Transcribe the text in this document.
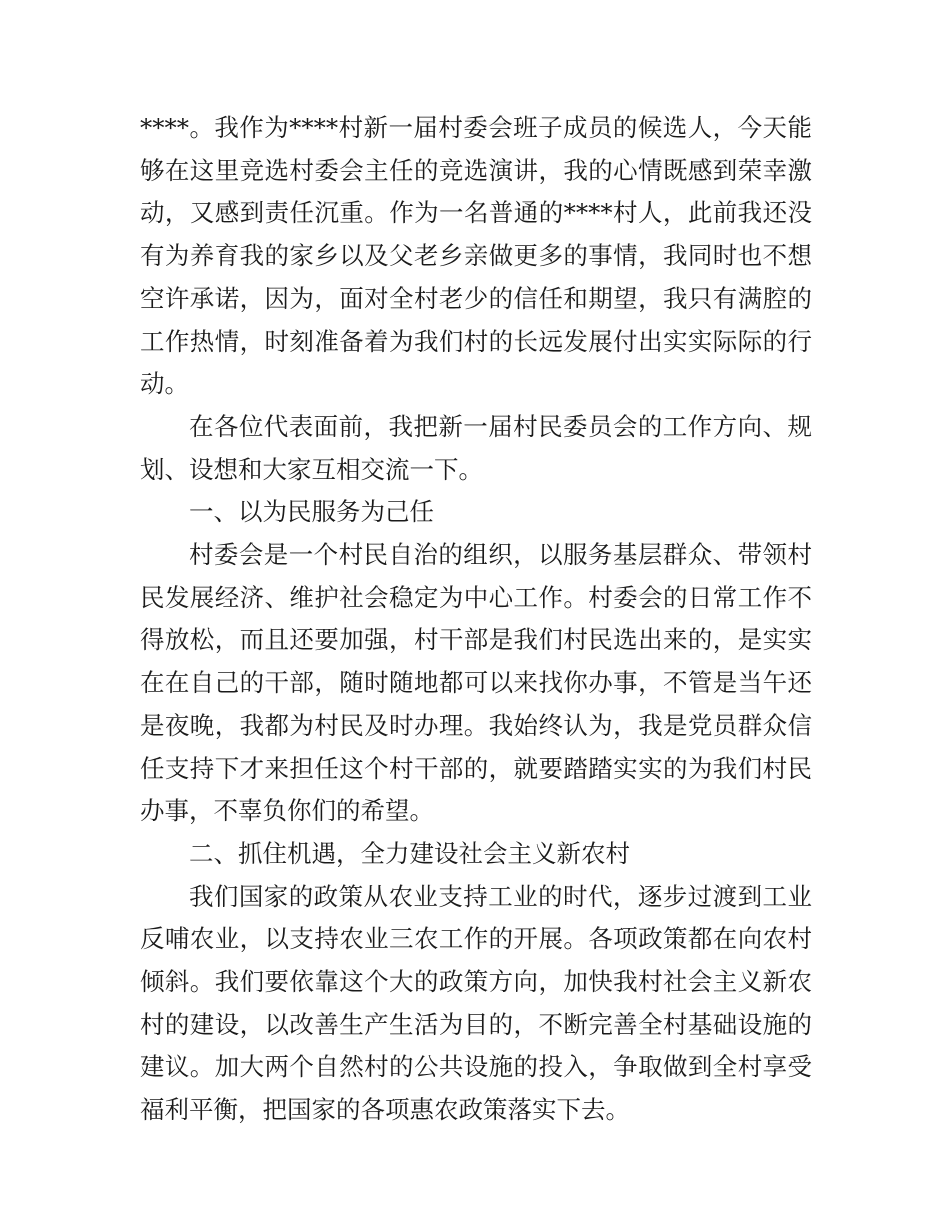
****。我作为****村新一届村委会班子成员的候选人，今天能够在这里竞选村委会主任的竞选演讲，我的心情既感到荣幸激动，又感到责任沉重。作为一名普通的****村人，此前我还没有为养育我的家乡以及父老乡亲做更多的事情，我同时也不想空许承诺，因为，面对全村老少的信任和期望，我只有满腔的工作热情，时刻准备着为我们村的长远发展付出实实际际的行动。

在各位代表面前，我把新一届村民委员会的工作方向、规划、设想和大家互相交流一下。

一、以为民服务为己任

村委会是一个村民自治的组织，以服务基层群众、带领村民发展经济、维护社会稳定为中心工作。村委会的日常工作不得放松，而且还要加强，村干部是我们村民选出来的，是实实在在自己的干部，随时随地都可以来找你办事，不管是当午还是夜晚，我都为村民及时办理。我始终认为，我是党员群众信任支持下才来担任这个村干部的，就要踏踏实实的为我们村民办事，不辜负你们的希望。

二、抓住机遇，全力建设社会主义新农村

我们国家的政策从农业支持工业的时代，逐步过渡到工业反哺农业，以支持农业三农工作的开展。各项政策都在向农村倾斜。我们要依靠这个大的政策方向，加快我村社会主义新农村的建设，以改善生产生活为目的，不断完善全村基础设施的建议。加大两个自然村的公共设施的投入，争取做到全村享受福利平衡，把国家的各项惠农政策落实下去。
